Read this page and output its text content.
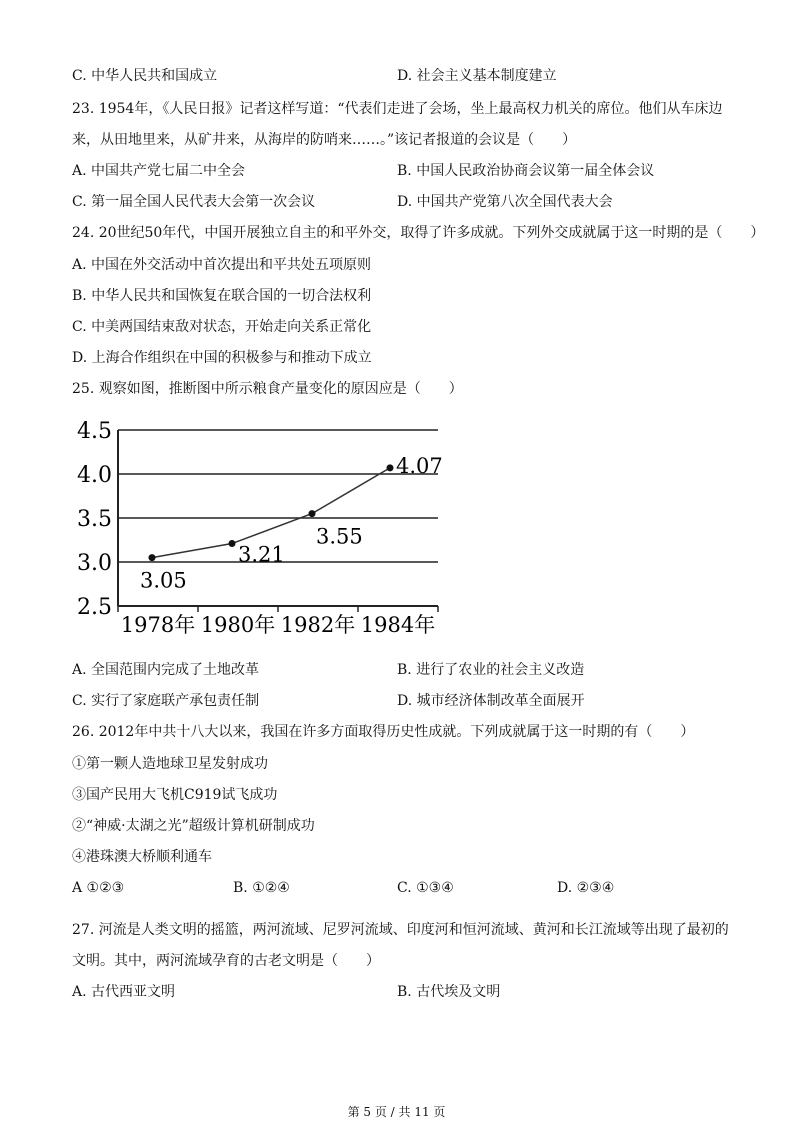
C. 中华人民共和国成立	D. 社会主义基本制度建立
23. 1954年，《人民日报》记者这样写道：“代表们走进了会场，坐上最高权力机关的席位。他们从车床边
来，从田地里来，从矿井来，从海岸的防哨来……。”该记者报道的会议是（　　）
A. 中国共产党七届二中全会	B. 中国人民政治协商会议第一届全体会议
C. 第一届全国人民代表大会第一次会议	D. 中国共产党第八次全国代表大会
24. 20世纪50年代，中国开展独立自主的和平外交，取得了许多成就。下列外交成就属于这一时期的是（　　）
A. 中国在外交活动中首次提出和平共处五项原则
B. 中华人民共和国恢复在联合国的一切合法权利
C. 中美两国结束敌对状态，开始走向关系正常化
D. 上海合作组织在中国的积极参与和推动下成立
25. 观察如图，推断图中所示粮食产量变化的原因应是（　　）
2.5
3.0
3.5
4.0
4.5
1978年 1980年 1982年 1984年
3.05
3.21
3.55
4.07
A. 全国范围内完成了土地改革	B. 进行了农业的社会主义改造
C. 实行了家庭联产承包责任制	D. 城市经济体制改革全面展开
26. 2012年中共十八大以来，我国在许多方面取得历史性成就。下列成就属于这一时期的有（　　）
①第一颗人造地球卫星发射成功
③国产民用大飞机C919试飞成功
②“神威·太湖之光”超级计算机研制成功
④港珠澳大桥顺利通车
A ①②③	B. ①②④	C. ①③④	D. ②③④
27. 河流是人类文明的摇篮，两河流域、尼罗河流域、印度河和恒河流域、黄河和长江流域等出现了最初的
文明。其中，两河流域孕育的古老文明是（　　）
A. 古代西亚文明	B. 古代埃及文明
第 5 页 / 共 11 页
